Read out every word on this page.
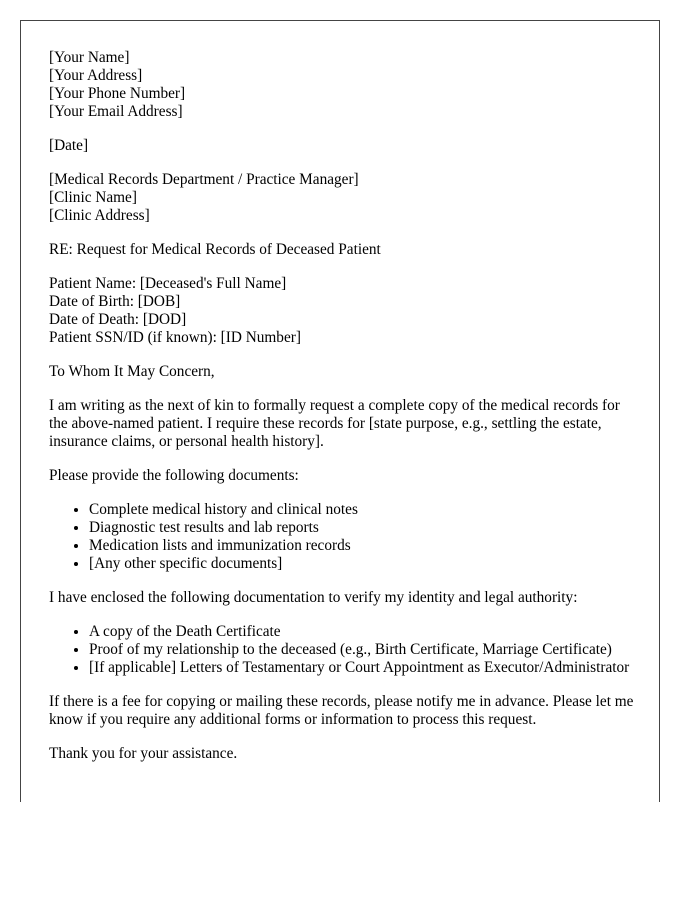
[Your Name]
[Your Address]
[Your Phone Number]
[Your Email Address]
[Date]
[Medical Records Department / Practice Manager]
[Clinic Name]
[Clinic Address]
RE: Request for Medical Records of Deceased Patient
Patient Name: [Deceased's Full Name]
Date of Birth: [DOB]
Date of Death: [DOD]
Patient SSN/ID (if known): [ID Number]
To Whom It May Concern,

I am writing as the next of kin to formally request a complete copy of the medical records for the above-named patient. I require these records for [state purpose, e.g., settling the estate, insurance claims, or personal health history].

Please provide the following documents:

• Complete medical history and clinical notes
• Diagnostic test results and lab reports
• Medication lists and immunization records
• [Any other specific documents]

I have enclosed the following documentation to verify my identity and legal authority:

• A copy of the Death Certificate
• Proof of my relationship to the deceased (e.g., Birth Certificate, Marriage Certificate)
• [If applicable] Letters of Testamentary or Court Appointment as Executor/Administrator

If there is a fee for copying or mailing these records, please notify me in advance. Please let me know if you require any additional forms or information to process this request.

Thank you for your assistance.
